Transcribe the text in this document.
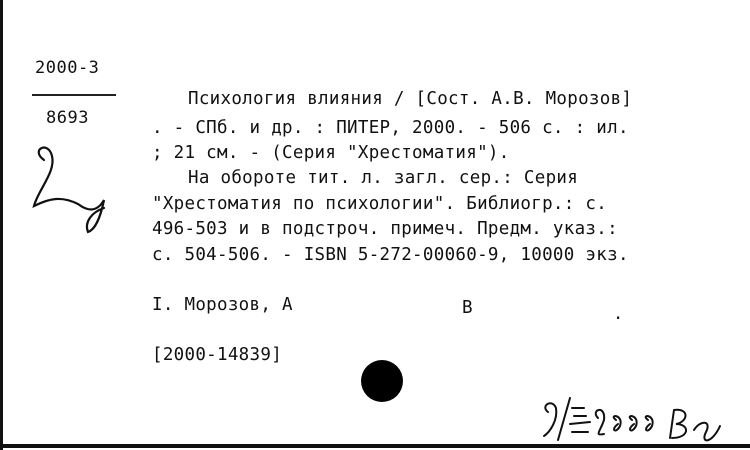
2000-3
8693
Психология влияния / [Сост. А.В. Морозов]
. - СПб. и др. : ПИТЕР, 2000. - 506 с. : ил.
; 21 см. - (Серия "Хрестоматия").
На обороте тит. л. загл. сер.: Серия
"Хрестоматия по психологии". Библиогр.: с.
496-503 и в подстроч. примеч. Предм. указ.:
с. 504-506. - ISBN 5-272-00060-9, 10000 экз.
I. Морозов, А	В	.
[2000-14839]
